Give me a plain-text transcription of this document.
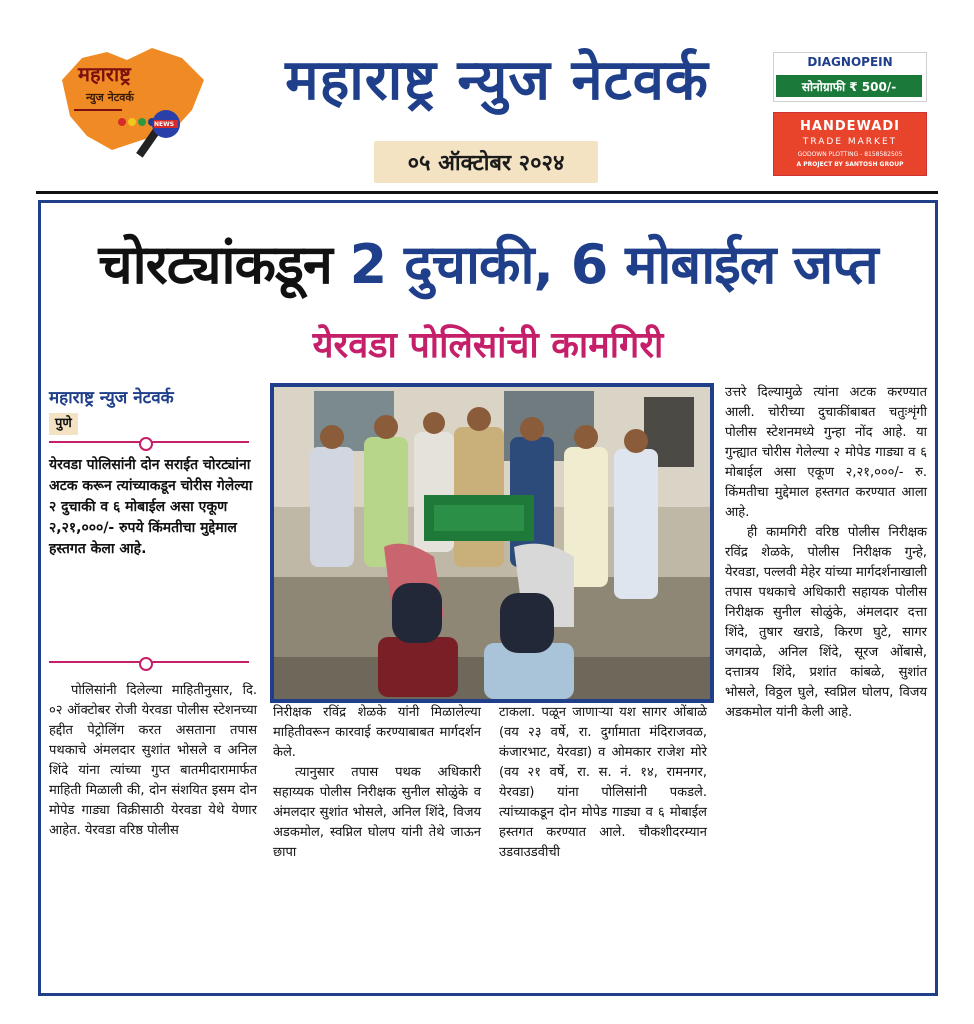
महाराष्ट्र
न्युज नेटवर्क
NEWS
महाराष्ट्र न्युज नेटवर्क
०५ ऑक्टोबर २०२४
DIAGNOPEIN
सोनोग्राफी ₹ 500/-
HANDEWADI
TRADE MARKET
GODOWN PLOTTING - 8158582505
A PROJECT BY SANTOSH GROUP
चोरट्यांकडून 2 दुचाकी, 6 मोबाईल जप्त
येरवडा पोलिसांची कामगिरी
महाराष्ट्र न्युज नेटवर्क
पुणे
येरवडा पोलिसांनी दोन सराईत चोरट्यांना अटक करून त्यांच्याकडून चोरीस गेलेल्या २ दुचाकी व ६ मोबाईल असा एकूण २,२१,०००/- रुपये किंमतीचा मुद्देमाल हस्तगत केला आहे.

पोलिसांनी दिलेल्या माहितीनुसार, दि. ०२ ऑक्टोबर रोजी येरवडा पोलीस स्टेशनच्या हद्दीत पेट्रोलिंग करत असताना तपास पथकाचे अंमलदार सुशांत भोसले व अनिल शिंदे यांना त्यांच्या गुप्त बातमीदारामार्फत माहिती मिळाली की, दोन संशयित इसम दोन मोपेड गाड्या विक्रीसाठी येरवडा येथे येणार आहेत. येरवडा वरिष्ठ पोलीस

निरीक्षक रविंद्र शेळके यांनी मिळालेल्या माहितीवरून कारवाई करण्याबाबत मार्गदर्शन केले.

त्यानुसार तपास पथक अधिकारी सहाय्यक पोलीस निरीक्षक सुनील सोळुंके व अंमलदार सुशांत भोसले, अनिल शिंदे, विजय अडकमोल, स्वप्निल घोलप यांनी तेथे जाऊन छापा

टाकला. पळून जाणाऱ्या यश सागर ओंबाळे (वय २३ वर्षे, रा. दुर्गामाता मंदिराजवळ, कंजारभाट, येरवडा) व ओमकार राजेश मोरे (वय २१ वर्षे, रा. स. नं. १४, रामनगर, येरवडा) यांना पोलिसांनी पकडले. त्यांच्याकडून दोन मोपेड गाड्या व ६ मोबाईल हस्तगत करण्यात आले. चौकशीदरम्यान उडवाउडवीची

उत्तरे दिल्यामुळे त्यांना अटक करण्यात आली. चोरीच्या दुचाकींबाबत चतुःशृंगी पोलीस स्टेशनमध्ये गुन्हा नोंद आहे. या गुन्ह्यात चोरीस गेलेल्या २ मोपेड गाड्या व ६ मोबाईल असा एकूण २,२१,०००/- रु. किंमतीचा मुद्देमाल हस्तगत करण्यात आला आहे.

ही कामगिरी वरिष्ठ पोलीस निरीक्षक रविंद्र शेळके, पोलीस निरीक्षक गुन्हे, येरवडा, पल्लवी मेहेर यांच्या मार्गदर्शनाखाली तपास पथकाचे अधिकारी सहायक पोलीस निरीक्षक सुनील सोळुंके, अंमलदार दत्ता शिंदे, तुषार खराडे, किरण घुटे, सागर जगदाळे, अनिल शिंदे, सूरज ओंबासे, दत्तात्रय शिंदे, प्रशांत कांबळे, सुशांत भोसले, विठ्ठल घुले, स्वप्निल घोलप, विजय अडकमोल यांनी केली आहे.
